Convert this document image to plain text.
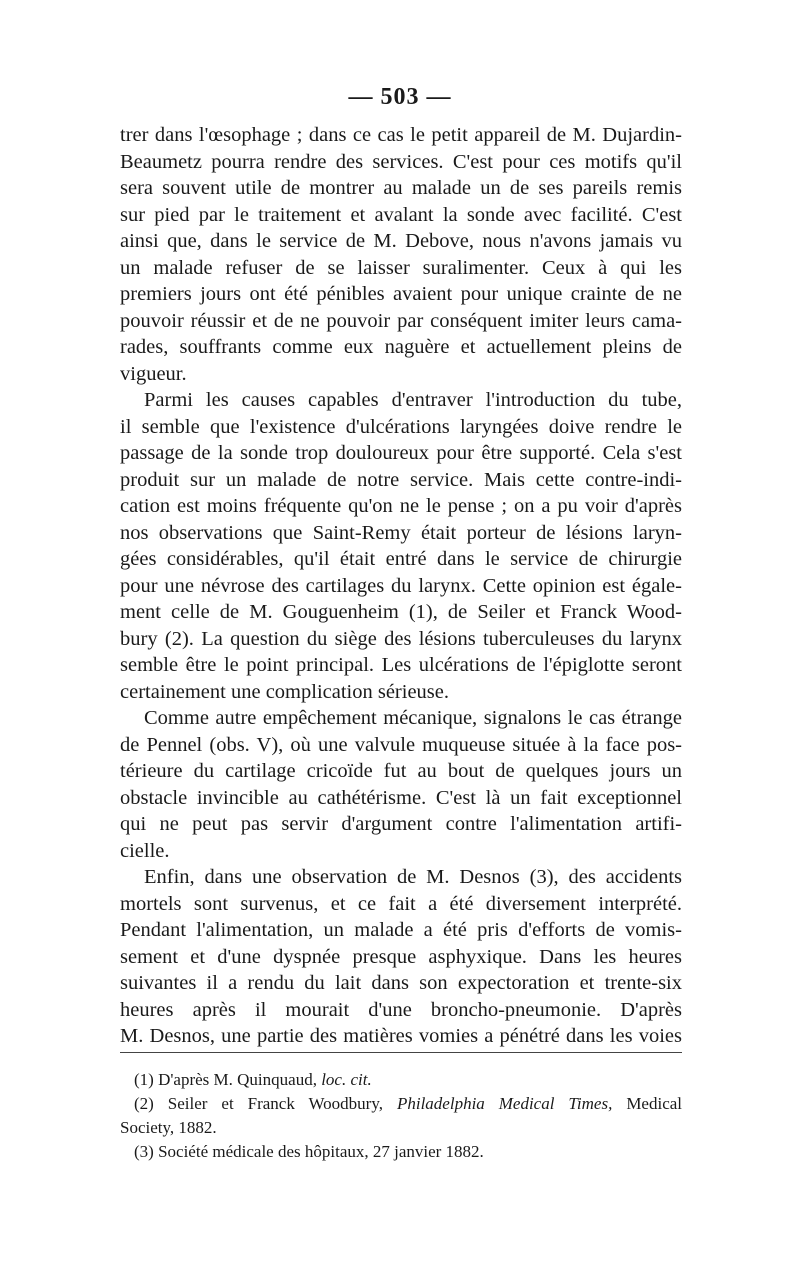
— 503 —
trer dans l'œsophage ; dans ce cas le petit appareil de M. Dujardin-
Beaumetz pourra rendre des services. C'est pour ces motifs qu'il
sera souvent utile de montrer au malade un de ses pareils remis
sur pied par le traitement et avalant la sonde avec facilité. C'est
ainsi que, dans le service de M. Debove, nous n'avons jamais vu
un malade refuser de se laisser suralimenter. Ceux à qui les
premiers jours ont été pénibles avaient pour unique crainte de ne
pouvoir réussir et de ne pouvoir par conséquent imiter leurs cama-
rades, souffrants comme eux naguère et actuellement pleins de
vigueur.
Parmi les causes capables d'entraver l'introduction du tube,
il semble que l'existence d'ulcérations laryngées doive rendre le
passage de la sonde trop douloureux pour être supporté. Cela s'est
produit sur un malade de notre service. Mais cette contre-indi-
cation est moins fréquente qu'on ne le pense ; on a pu voir d'après
nos observations que Saint-Remy était porteur de lésions laryn-
gées considérables, qu'il était entré dans le service de chirurgie
pour une névrose des cartilages du larynx. Cette opinion est égale-
ment celle de M. Gouguenheim (1), de Seiler et Franck Wood-
bury (2). La question du siège des lésions tuberculeuses du larynx
semble être le point principal. Les ulcérations de l'épiglotte seront
certainement une complication sérieuse.
Comme autre empêchement mécanique, signalons le cas étrange
de Pennel (obs. V), où une valvule muqueuse située à la face pos-
térieure du cartilage cricoïde fut au bout de quelques jours un
obstacle invincible au cathétérisme. C'est là un fait exceptionnel
qui ne peut pas servir d'argument contre l'alimentation artifi-
cielle.
Enfin, dans une observation de M. Desnos (3), des accidents
mortels sont survenus, et ce fait a été diversement interprété.
Pendant l'alimentation, un malade a été pris d'efforts de vomis-
sement et d'une dyspnée presque asphyxique. Dans les heures
suivantes il a rendu du lait dans son expectoration et trente-six
heures après il mourait d'une broncho-pneumonie. D'après
M. Desnos, une partie des matières vomies a pénétré dans les voies
(1) D'après M. Quinquaud, loc. cit.
(2) Seiler et Franck Woodbury, Philadelphia Medical Times, Medical
Society, 1882.
(3) Société médicale des hôpitaux, 27 janvier 1882.
